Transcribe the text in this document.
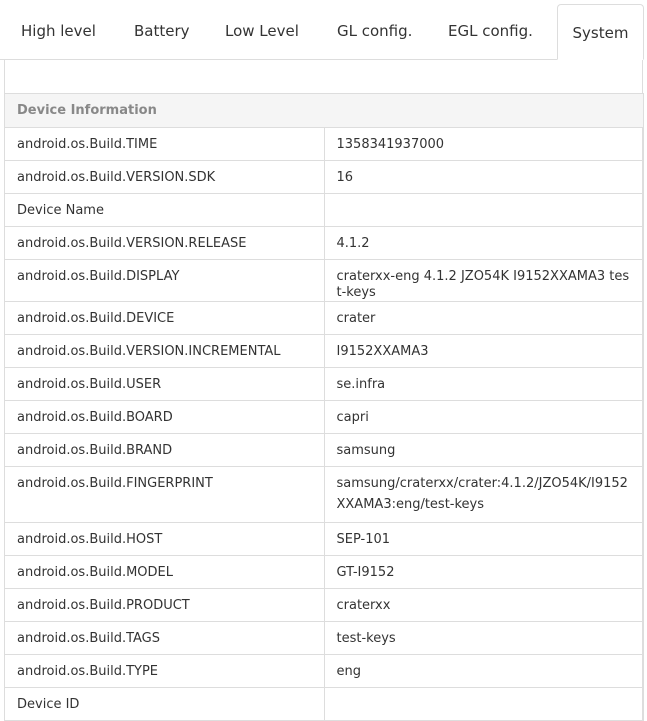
High level	Battery Low Level	GL config. EGL config.	System
Device Information	
android.os.Build.TIME	1358341937000
android.os.Build.VERSION.SDK	16
Device Name	
android.os.Build.VERSION.RELEASE	4.1.2
android.os.Build.DISPLAY	craterxx-eng 4.1.2 JZO54K I9152XXAMA3 test-keys
android.os.Build.DEVICE	crater
android.os.Build.VERSION.INCREMENTAL	I9152XXAMA3
android.os.Build.USER	se.infra
android.os.Build.BOARD	capri
android.os.Build.BRAND	samsung
android.os.Build.FINGERPRINT	samsung/craterxx/crater:4.1.2/JZO54K/I9152XXAMA3:eng/test-keys
android.os.Build.HOST	SEP-101
android.os.Build.MODEL	GT-I9152
android.os.Build.PRODUCT	craterxx
android.os.Build.TAGS	test-keys
android.os.Build.TYPE	eng
Device ID	
